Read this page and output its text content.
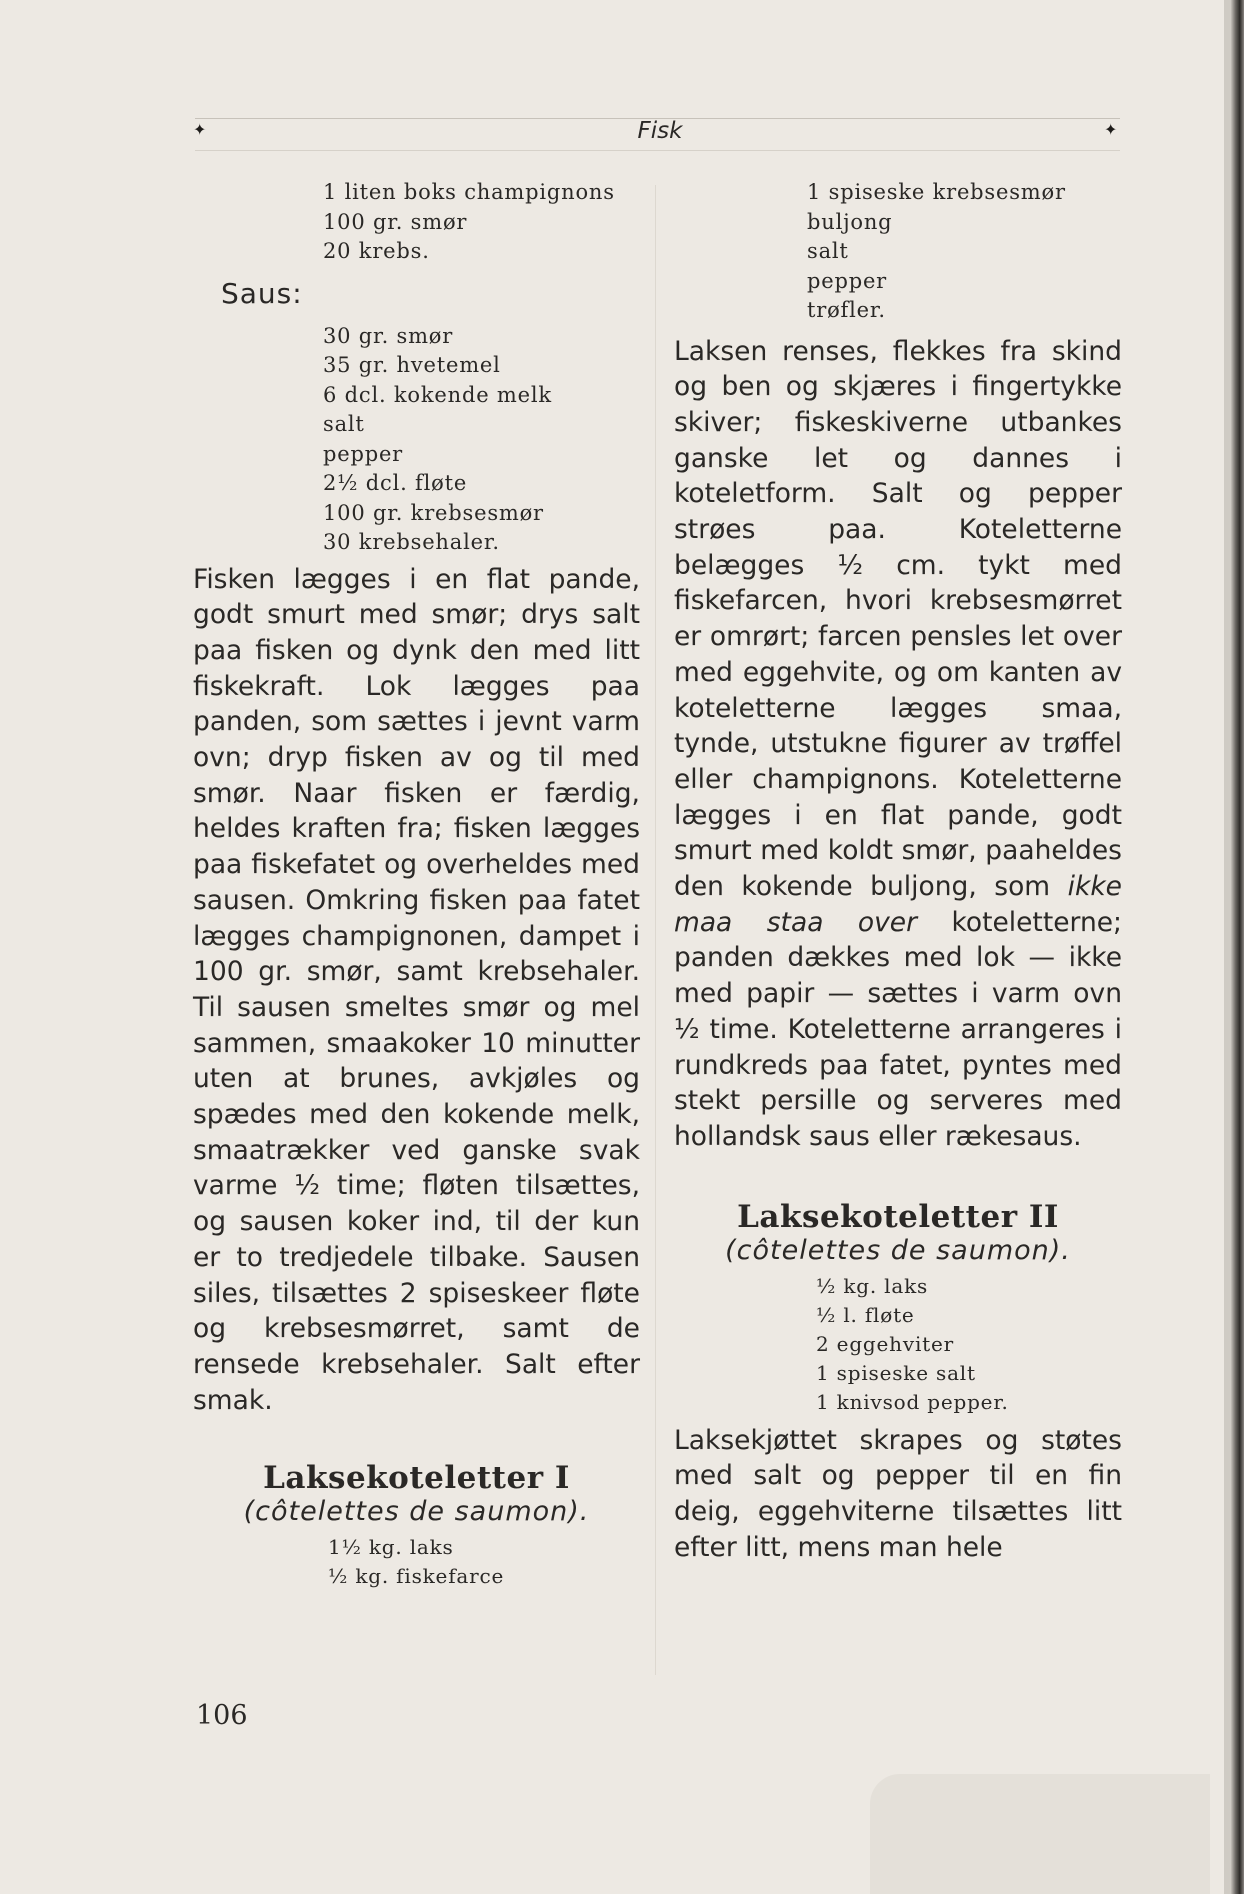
✦	Fisk	✦
1 liten boks champignons
100 gr. smør
20 krebs.
Saus:
30 gr. smør
35 gr. hvetemel
6 dcl. kokende melk
salt
pepper
2½ dcl. fløte
100 gr. krebsesmør
30 krebsehaler.

Fisken lægges i en flat pande, godt smurt med smør; drys salt paa fisken og dynk den med litt fiskekraft. Lok lægges paa panden, som sættes i jevnt varm ovn; dryp fisken av og til med smør. Naar fisken er færdig, heldes kraften fra; fisken lægges paa fiskefatet og overheldes med sausen. Omkring fisken paa fatet lægges champignonen, dampet i 100 gr. smør, samt krebsehaler. Til sausen smeltes smør og mel sammen, smaakoker 10 minutter uten at brunes, avkjøles og spædes med den kokende melk, smaatrækker ved ganske svak varme ½ time; fløten tilsættes, og sausen koker ind, til der kun er to tredjedele tilbake. Sausen siles, tilsættes 2 spiseskeer fløte og krebsesmørret, samt de rensede krebsehaler. Salt efter smak.

Laksekoteletter I
(côtelettes de saumon).
1½ kg. laks
½ kg. fiskefarce
1 spiseske krebsesmør
buljong
salt
pepper
trøfler.

Laksen renses, flekkes fra skind og ben og skjæres i fingertykke skiver; fiskeskiverne utbankes ganske let og dannes i koteletform. Salt og pepper strøes paa. Koteletterne belægges ½ cm. tykt med fiskefarcen, hvori krebsesmørret er omrørt; farcen pensles let over med eggehvite, og om kanten av koteletterne lægges smaa, tynde, utstukne figurer av trøffel eller champignons. Koteletterne lægges i en flat pande, godt smurt med koldt smør, paaheldes den kokende buljong, som ikke maa staa over koteletterne; panden dækkes med lok — ikke med papir — sættes i varm ovn ½ time. Koteletterne arrangeres i rundkreds paa fatet, pyntes med stekt persille og serveres med hollandsk saus eller rækesaus.

Laksekoteletter II
(côtelettes de saumon).
½ kg. laks
½ l. fløte
2 eggehviter
1 spiseske salt
1 knivsod pepper.

Laksekjøttet skrapes og støtes med salt og pepper til en fin deig, eggehviterne tilsættes litt efter litt, mens man hele

106
